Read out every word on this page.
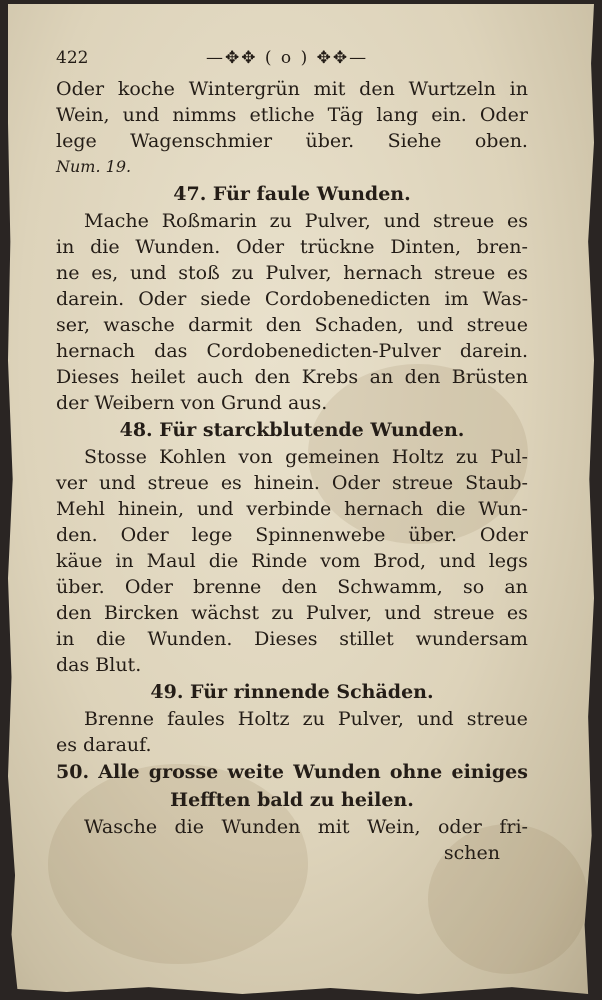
422	—✥✥ ( o ) ✥✥—
Oder koche Wintergrün mit den Wurtzeln in
Wein, und nimms etliche Täg lang ein. Oder
lege Wagenschmier über. Siehe oben.
Num. 19.
47. Für faule Wunden.
Mache Roßmarin zu Pulver, und streue es
in die Wunden. Oder trückne Dinten, bren-
ne es, und stoß zu Pulver, hernach streue es
darein. Oder siede Cordobenedicten im Was-
ser, wasche darmit den Schaden, und streue
hernach das Cordobenedicten-Pulver darein.
Dieses heilet auch den Krebs an den Brüsten
der Weibern von Grund aus.
48. Für starckblutende Wunden.
Stosse Kohlen von gemeinen Holtz zu Pul-
ver und streue es hinein. Oder streue Staub-
Mehl hinein, und verbinde hernach die Wun-
den. Oder lege Spinnenwebe über. Oder
käue in Maul die Rinde vom Brod, und legs
über. Oder brenne den Schwamm, so an
den Bircken wächst zu Pulver, und streue es
in die Wunden. Dieses stillet wundersam
das Blut.
49. Für rinnende Schäden.
Brenne faules Holtz zu Pulver, und streue
es darauf.
50. Alle grosse weite Wunden ohne einiges
Hefften bald zu heilen.
Wasche die Wunden mit Wein, oder fri-
schen
